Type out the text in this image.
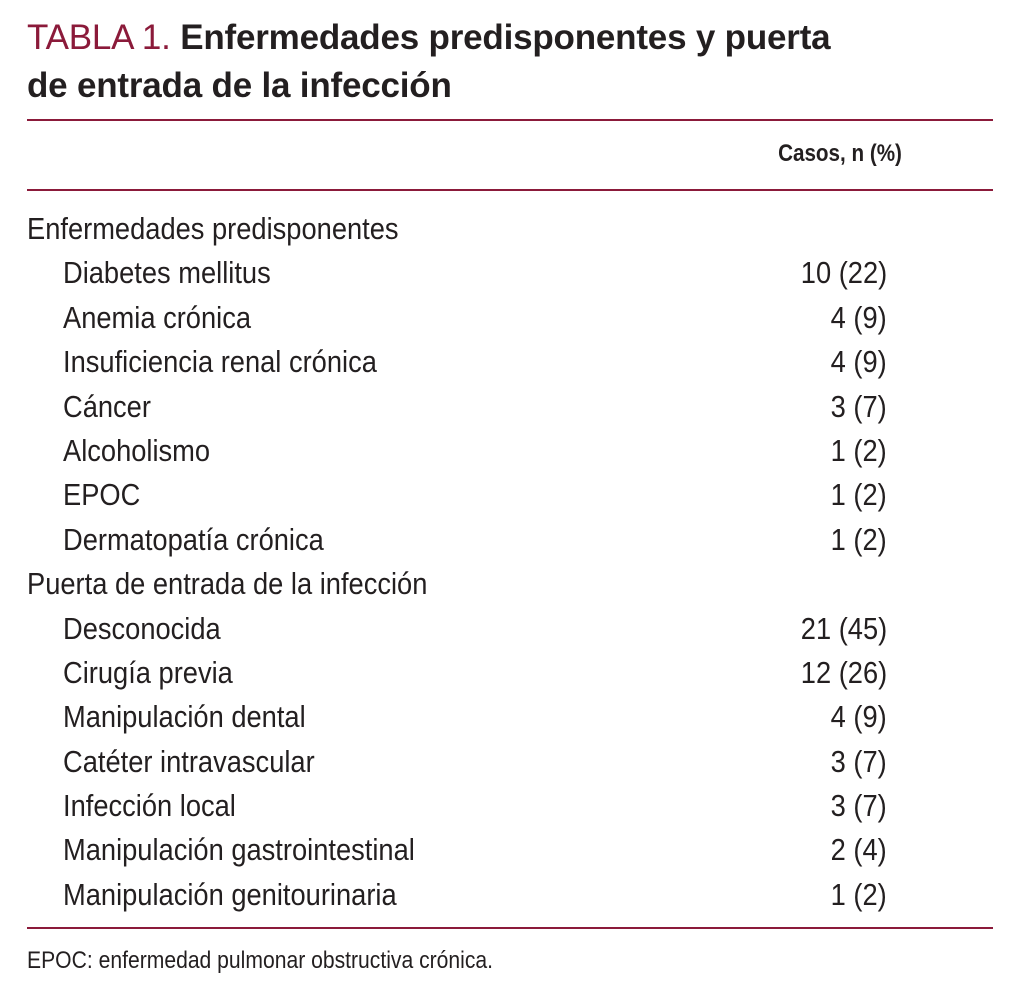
TABLA 1. Enfermedades predisponentes y puerta
de entrada de la infección
Casos, n (%)
Enfermedades predisponentes
Diabetes mellitus	10 (22)
Anemia crónica	4 (9)
Insuficiencia renal crónica	4 (9)
Cáncer	3 (7)
Alcoholismo	1 (2)
EPOC	1 (2)
Dermatopatía crónica	1 (2)
Puerta de entrada de la infección
Desconocida	21 (45)
Cirugía previa	12 (26)
Manipulación dental	4 (9)
Catéter intravascular	3 (7)
Infección local	3 (7)
Manipulación gastrointestinal	2 (4)
Manipulación genitourinaria	1 (2)
EPOC: enfermedad pulmonar obstructiva crónica.
